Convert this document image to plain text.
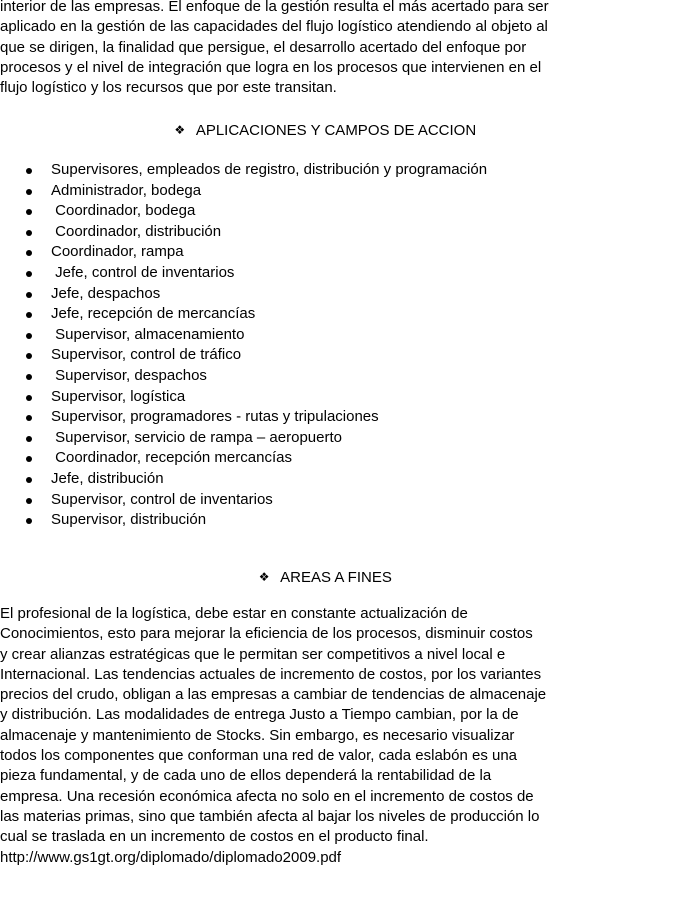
interior de las empresas. El enfoque de la gestión resulta el más acertado para ser
aplicado en la gestión de las capacidades del flujo logístico atendiendo al objeto al
que se dirigen, la finalidad que persigue, el desarrollo acertado del enfoque por
procesos y el nivel de integración que logra en los procesos que intervienen en el
flujo logístico y los recursos que por este transitan.

❖ APLICACIONES Y CAMPOS DE ACCION
Supervisores, empleados de registro, distribución y programación
Administrador, bodega
Coordinador, bodega
Coordinador, distribución
Coordinador, rampa
Jefe, control de inventarios
Jefe, despachos
Jefe, recepción de mercancías
Supervisor, almacenamiento
Supervisor, control de tráfico
Supervisor, despachos
Supervisor, logística
Supervisor, programadores - rutas y tripulaciones
Supervisor, servicio de rampa – aeropuerto
Coordinador, recepción mercancías
Jefe, distribución
Supervisor, control de inventarios
Supervisor, distribución
❖ AREAS A FINES

El profesional de la logística, debe estar en constante actualización de
Conocimientos, esto para mejorar la eficiencia de los procesos, disminuir costos
y crear alianzas estratégicas que le permitan ser competitivos a nivel local e
Internacional. Las tendencias actuales de incremento de costos, por los variantes
precios del crudo, obligan a las empresas a cambiar de tendencias de almacenaje
y distribución. Las modalidades de entrega Justo a Tiempo cambian, por la de
almacenaje y mantenimiento de Stocks. Sin embargo, es necesario visualizar
todos los componentes que conforman una red de valor, cada eslabón es una
pieza fundamental, y de cada uno de ellos dependerá la rentabilidad de la
empresa. Una recesión económica afecta no solo en el incremento de costos de
las materias primas, sino que también afecta al bajar los niveles de producción lo
cual se traslada en un incremento de costos en el producto final.
http://www.gs1gt.org/diplomado/diplomado2009.pdf
